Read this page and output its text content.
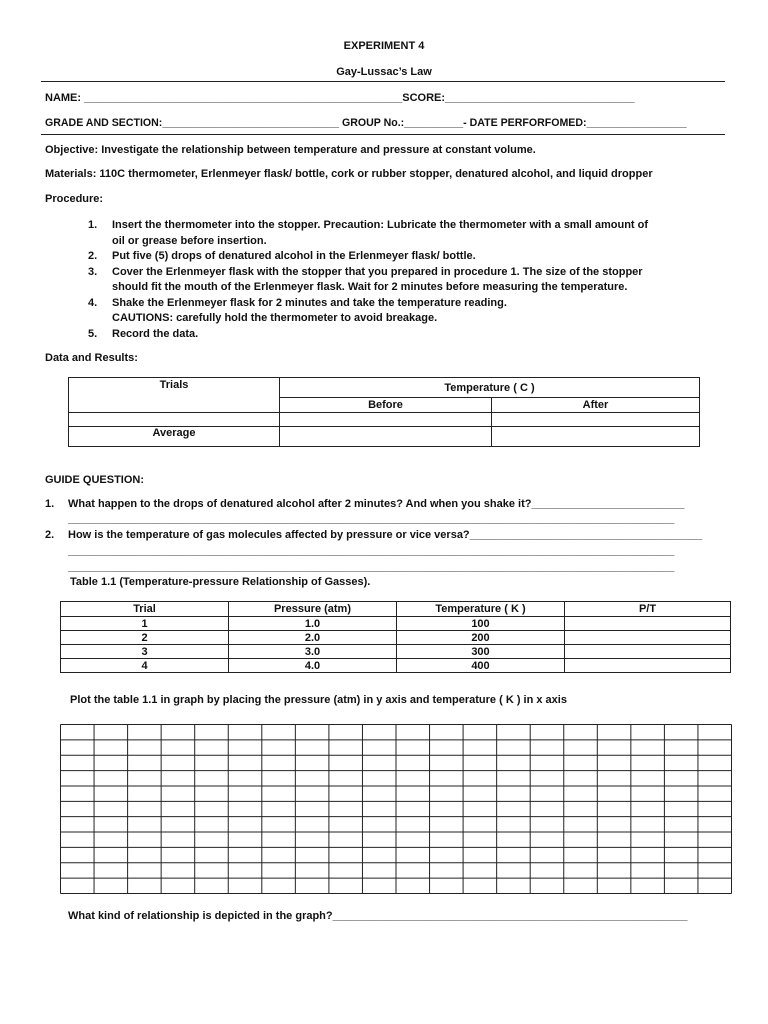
EXPERIMENT 4
Gay-Lussac’s Law
NAME: ____________________________________________________SCORE:_______________________________
GRADE AND SECTION:______________________________ GROUP No.:__________- DATE PERFORFOMED:_________________
Objective: Investigate the relationship between temperature and pressure at constant volume.
Materials: 110C thermometer, Erlenmeyer flask/ bottle, cork or rubber stopper, denatured alcohol, and liquid dropper
Procedure:
1. Insert the thermometer into the stopper. Precaution: Lubricate the thermometer with a small amount of
oil or grease before insertion.
2. Put five (5) drops of denatured alcohol in the Erlenmeyer flask/ bottle.
3. Cover the Erlenmeyer flask with the stopper that you prepared in procedure 1. The size of the stopper
should fit the mouth of the Erlenmeyer flask. Wait for 2 minutes before measuring the temperature.
4. Shake the Erlenmeyer flask for 2 minutes and take the temperature reading.
CAUTIONS: carefully hold the thermometer to avoid breakage.
5. Record the data.
Data and Results:
Trials	Temperature ( C )	
	Before	After

Average		
GUIDE QUESTION:
1. What happen to the drops of denatured alcohol after 2 minutes? And when you shake it?_________________________
______________________________________________________________________________________________________
2. How is the temperature of gas molecules affected by pressure or vice versa?______________________________________
______________________________________________________________________________________________________
______________________________________________________________________________________________________
Table 1.1 (Temperature-pressure Relationship of Gasses).
Trial	Pressure (atm)	Temperature ( K )	P/T
1	1.0	100	
2	2.0	200	
3	3.0	300	
4	4.0	400	
Plot the table 1.1 in graph by placing the pressure (atm) in y axis and temperature ( K ) in x axis
What kind of relationship is depicted in the graph?__________________________________________________________
